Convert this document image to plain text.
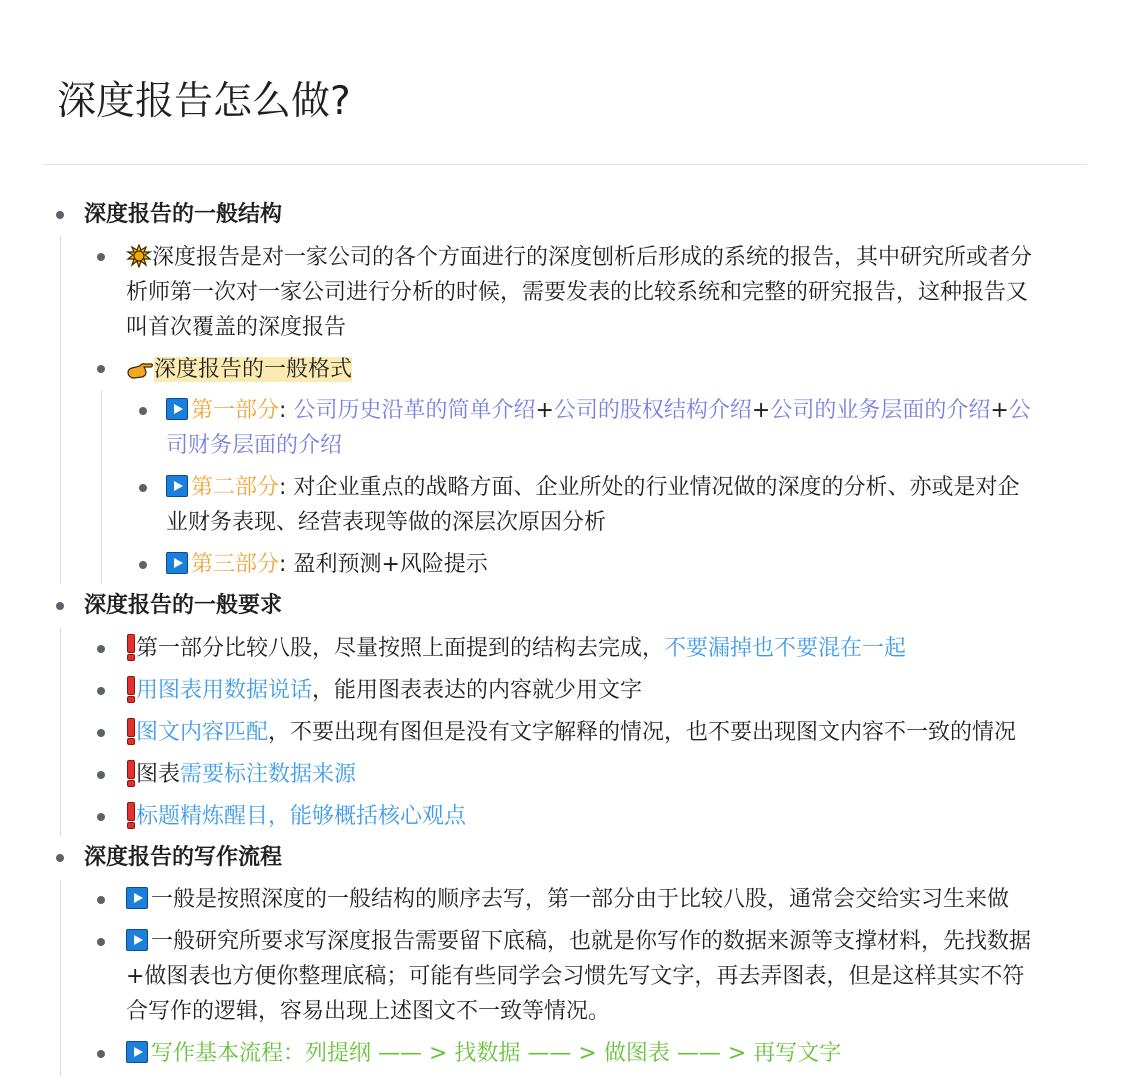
深度报告怎么做?
深度报告的一般结构
深度报告是对一家公司的各个方面进行的深度刨析后形成的系统的报告，其中研究所或者分
析师第一次对一家公司进行分析的时候，需要发表的比较系统和完整的研究报告，这种报告又
叫首次覆盖的深度报告
深度报告的一般格式
第一部分: 公司历史沿革的简单介绍+公司的股权结构介绍+公司的业务层面的介绍+公
司财务层面的介绍
第二部分: 对企业重点的战略方面、企业所处的行业情况做的深度的分析、亦或是对企
业财务表现、经营表现等做的深层次原因分析
第三部分: 盈利预测+风险提示
深度报告的一般要求
第一部分比较八股，尽量按照上面提到的结构去完成，不要漏掉也不要混在一起
用图表用数据说话，能用图表表达的内容就少用文字
图文内容匹配，不要出现有图但是没有文字解释的情况，也不要出现图文内容不一致的情况
图表需要标注数据来源
标题精炼醒目，能够概括核心观点
深度报告的写作流程
一般是按照深度的一般结构的顺序去写，第一部分由于比较八股，通常会交给实习生来做
一般研究所要求写深度报告需要留下底稿，也就是你写作的数据来源等支撑材料，先找数据
+做图表也方便你整理底稿；可能有些同学会习惯先写文字，再去弄图表，但是这样其实不符
合写作的逻辑，容易出现上述图文不一致等情况。
写作基本流程：列提纲 —— > 找数据 —— > 做图表 —— > 再写文字
